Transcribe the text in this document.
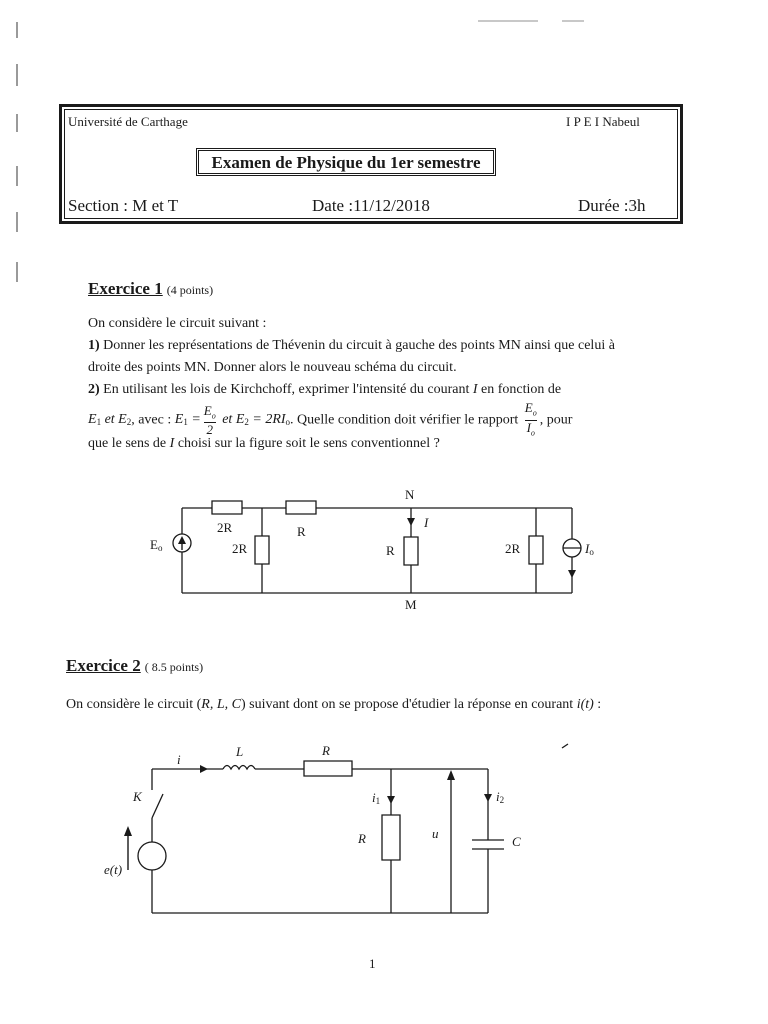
Université de Carthage	I P E I Nabeul
Examen de Physique du 1er semestre
Section : M et T	Date :11/12/2018	Durée :3h
Exercice 1 (4 points)
On considère le circuit suivant :
1) Donner les représentations de Thévenin du circuit à gauche des points MN ainsi que celui à
droite des points MN. Donner alors le nouveau schéma du circuit.
2) En utilisant les lois de Kirchchoff, exprimer l'intensité du courant I en fonction de
$E_1$ et $E_2$, avec : $E_1 = \frac{E_o}{2}$ et $E_2 = 2RI_o$. Quelle condition doit vérifier le rapport $\frac{E_o}{I_o}$ , pour
que le sens de I choisi sur la figure soit le sens conventionnel ?
N
M
$E_o$
2R
2R
R
R	2R
I
$I_o$
Exercice 2 ( 8.5 points)
On considère le circuit (R, L, C) suivant dont on se propose d'étudier la réponse en courant i(t) :
i
L	R
K
e(t)
$i_1$
R	u
$i_2$
C
1
